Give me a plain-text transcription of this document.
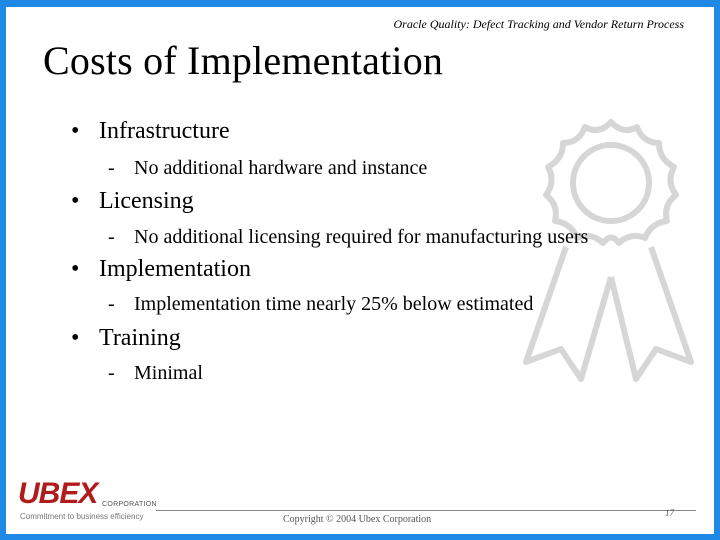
Oracle Quality: Defect Tracking and Vendor Return Process
Costs of Implementation
• Infrastructure
- No additional hardware and instance
• Licensing
- No additional licensing required for manufacturing users
• Implementation
- Implementation time nearly 25% below estimated
• Training
- Minimal
UBEX CORPORATION
Commitment to business efficiency	Copyright © 2004 Ubex Corporation
17
